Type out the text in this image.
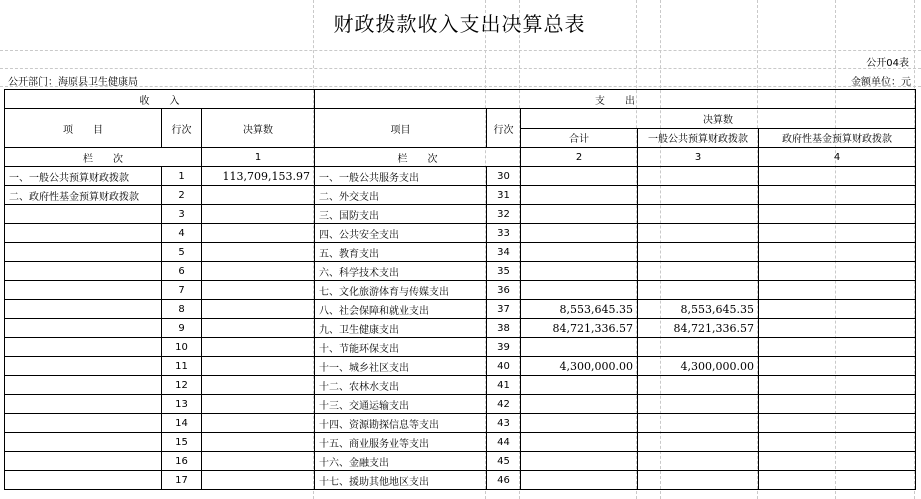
财政拨款收入支出决算总表
公开04表
公开部门：海原县卫生健康局	金额单位：元
收　　入			支　　出				
项　　目	行次	决算数	项目	行次	决算数		
					合计	一般公共预算财政拨款	政府性基金预算财政拨款
栏　　次		1	栏　　次		2	3	4
一、一般公共预算财政拨款	1	113,709,153.97	一、一般公共服务支出	30			
二、政府性基金预算财政拨款	2		二、外交支出	31			
	3		三、国防支出	32			
	4		四、公共安全支出	33			
	5		五、教育支出	34			
	6		六、科学技术支出	35			
	7		七、文化旅游体育与传媒支出	36			
	8		八、社会保障和就业支出	37	8,553,645.35	8,553,645.35	
	9		九、卫生健康支出	38	84,721,336.57	84,721,336.57	
	10		十、节能环保支出	39			
	11		十一、城乡社区支出	40	4,300,000.00	4,300,000.00	
	12		十二、农林水支出	41			
	13		十三、交通运输支出	42			
	14		十四、资源勘探信息等支出	43			
	15		十五、商业服务业等支出	44			
	16		十六、金融支出	45			
	17		十七、援助其他地区支出	46			
